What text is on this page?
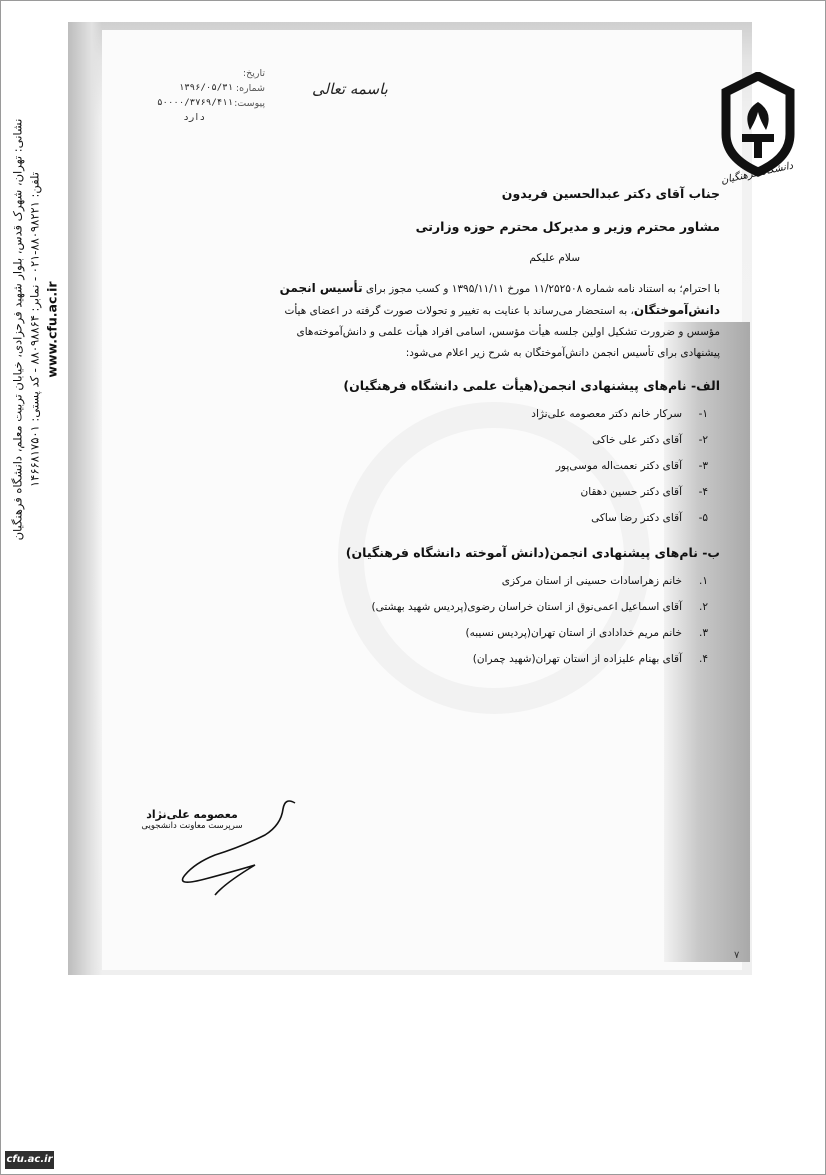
دانشگاه فرهنگیان
باسمه تعالی
تاریخ:
شماره:
۱۳۹۶/۰۵/۳۱
پیوست:
۵۰۰۰۰/۳۷۶۹/۴۱۱
دارد

جناب آقای دکتر عبدالحسین فریدون

مشاور محترم وزیر و مدیرکل محترم حوزه وزارتی

سلام علیکم

با احترام؛ به استناد نامه شماره ۱۱/۲۵۲۵۰۸ مورخ ۱۳۹۵/۱۱/۱۱ و کسب مجوز برای تأسیس انجمن

دانش‌آموختگان، به استحضار می‌رساند با عنایت به تغییر و تحولات صورت گرفته در اعضای هیأت

مؤسس و ضرورت تشکیل اولین جلسه هیأت مؤسس، اسامی افراد هیأت علمی و دانش‌آموخته‌های

پیشنهادی برای تأسیس انجمن دانش‌آموختگان به شرح زیر اعلام می‌شود:

الف- نام‌های پیشنهادی انجمن(هیأت علمی دانشگاه فرهنگیان)

۱-سرکار خانم دکتر معصومه علی‌نژاد
۲-آقای دکتر علی خاکی
۳-آقای دکتر نعمت‌اله موسی‌پور
۴-آقای دکتر حسین دهقان
۵-آقای دکتر رضا ساکی

ب- نام‌های پیشنهادی انجمن(دانش آموخته دانشگاه فرهنگیان)

۱.خانم زهراسادات حسینی از استان مرکزی
۲.آقای اسماعیل اعمی‌نوق از استان خراسان رضوی(پردیس شهید بهشتی)
۳.خانم مریم خدادادی از استان تهران(پردیس نسیبه)
۴.آقای بهنام علیزاده از استان تهران(شهید چمران)
نشانی: تهران، شهرک قدس، بلوار شهید فرحزادی، خیابان تربیت معلم، دانشگاه فرهنگیان تلفن: ۸۸۰۹۸۲۲۱-۰۲۱ - نمابر: ۸۸۰۹۸۸۶۴ - کد پستی: ۱۴۶۶۸۱۷۵۰۱
www.cfu.ac.ir
معصومه علی‌نژاد
سرپرست معاونت دانشجویی
۷
cfu.ac.ir
